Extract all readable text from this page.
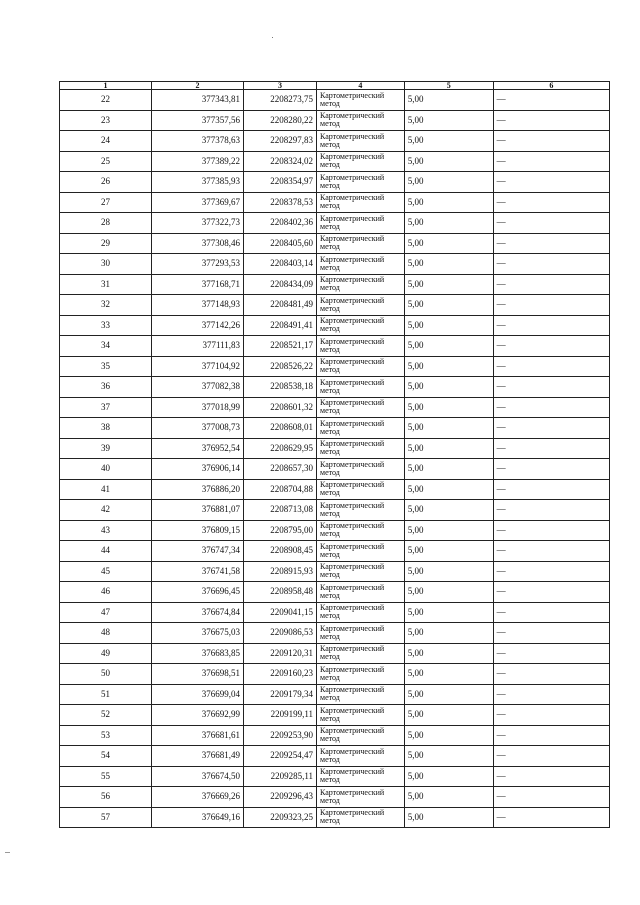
1	2	3	4	5	6
22	377343,81	2208273,75	Картометрический метод	5,00	—
23	377357,56	2208280,22	Картометрический метод	5,00	—
24	377378,63	2208297,83	Картометрический метод	5,00	—
25	377389,22	2208324,02	Картометрический метод	5,00	—
26	377385,93	2208354,97	Картометрический метод	5,00	—
27	377369,67	2208378,53	Картометрический метод	5,00	—
28	377322,73	2208402,36	Картометрический метод	5,00	—
29	377308,46	2208405,60	Картометрический метод	5,00	—
30	377293,53	2208403,14	Картометрический метод	5,00	—
31	377168,71	2208434,09	Картометрический метод	5,00	—
32	377148,93	2208481,49	Картометрический метод	5,00	—
33	377142,26	2208491,41	Картометрический метод	5,00	—
34	377111,83	2208521,17	Картометрический метод	5,00	—
35	377104,92	2208526,22	Картометрический метод	5,00	—
36	377082,38	2208538,18	Картометрический метод	5,00	—
37	377018,99	2208601,32	Картометрический метод	5,00	—
38	377008,73	2208608,01	Картометрический метод	5,00	—
39	376952,54	2208629,95	Картометрический метод	5,00	—
40	376906,14	2208657,30	Картометрический метод	5,00	—
41	376886,20	2208704,88	Картометрический метод	5,00	—
42	376881,07	2208713,08	Картометрический метод	5,00	—
43	376809,15	2208795,00	Картометрический метод	5,00	—
44	376747,34	2208908,45	Картометрический метод	5,00	—
45	376741,58	2208915,93	Картометрический метод	5,00	—
46	376696,45	2208958,48	Картометрический метод	5,00	—
47	376674,84	2209041,15	Картометрический метод	5,00	—
48	376675,03	2209086,53	Картометрический метод	5,00	—
49	376683,85	2209120,31	Картометрический метод	5,00	—
50	376698,51	2209160,23	Картометрический метод	5,00	—
51	376699,04	2209179,34	Картометрический метод	5,00	—
52	376692,99	2209199,11	Картометрический метод	5,00	—
53	376681,61	2209253,90	Картометрический метод	5,00	—
54	376681,49	2209254,47	Картометрический метод	5,00	—
55	376674,50	2209285,11	Картометрический метод	5,00	—
56	376669,26	2209296,43	Картометрический метод	5,00	—
57	376649,16	2209323,25	Картометрический метод	5,00	—
